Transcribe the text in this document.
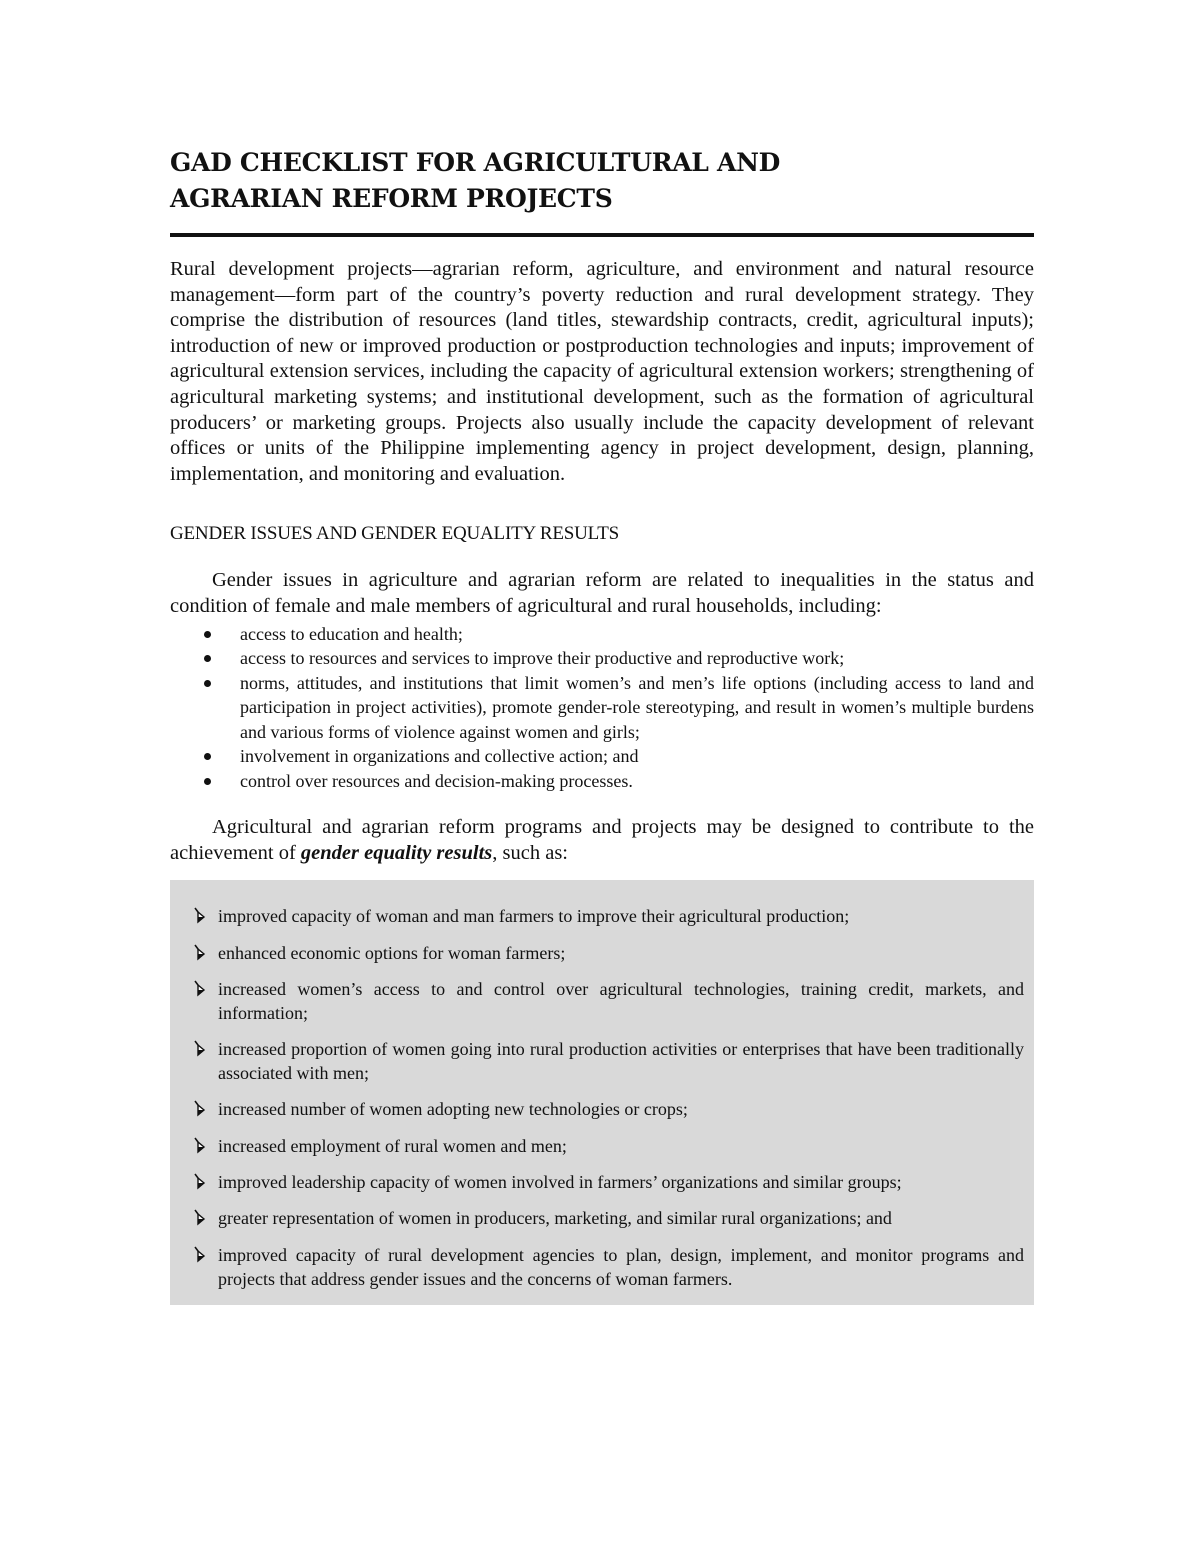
GAD CHECKLIST FOR AGRICULTURAL AND
AGRARIAN REFORM PROJECTS

Rural development projects—agrarian reform, agriculture, and environment and natural resource management—form part of the country’s poverty reduction and rural development strategy. They comprise the distribution of resources (land titles, stewardship contracts, credit, agricultural inputs); introduction of new or improved production or postproduction technologies and inputs; improvement of agricultural extension services, including the capacity of agricultural extension workers; strengthening of agricultural marketing systems; and institutional development, such as the formation of agricultural producers’ or marketing groups. Projects also usually include the capacity development of relevant offices or units of the Philippine implementing agency in project development, design, planning, implementation, and monitoring and evaluation.

GENDER ISSUES AND GENDER EQUALITY RESULTS

Gender issues in agriculture and agrarian reform are related to inequalities in the status and condition of female and male members of agricultural and rural households, including:

access to education and health;
access to resources and services to improve their productive and reproductive work;
norms, attitudes, and institutions that limit women’s and men’s life options (including access to land and participation in project activities), promote gender-role stereotyping, and result in women’s multiple burdens and various forms of violence against women and girls;
involvement in organizations and collective action; and
control over resources and decision-making processes.

Agricultural and agrarian reform programs and projects may be designed to contribute to the achievement of gender equality results, such as:

improved capacity of woman and man farmers to improve their agricultural production;
enhanced economic options for woman farmers;
increased women’s access to and control over agricultural technologies, training credit, markets, and information;
increased proportion of women going into rural production activities or enterprises that have been traditionally associated with men;
increased number of women adopting new technologies or crops;
increased employment of rural women and men;
improved leadership capacity of women involved in farmers’ organizations and similar groups;
greater representation of women in producers, marketing, and similar rural organizations; and
improved capacity of rural development agencies to plan, design, implement, and monitor programs and projects that address gender issues and the concerns of woman farmers.
